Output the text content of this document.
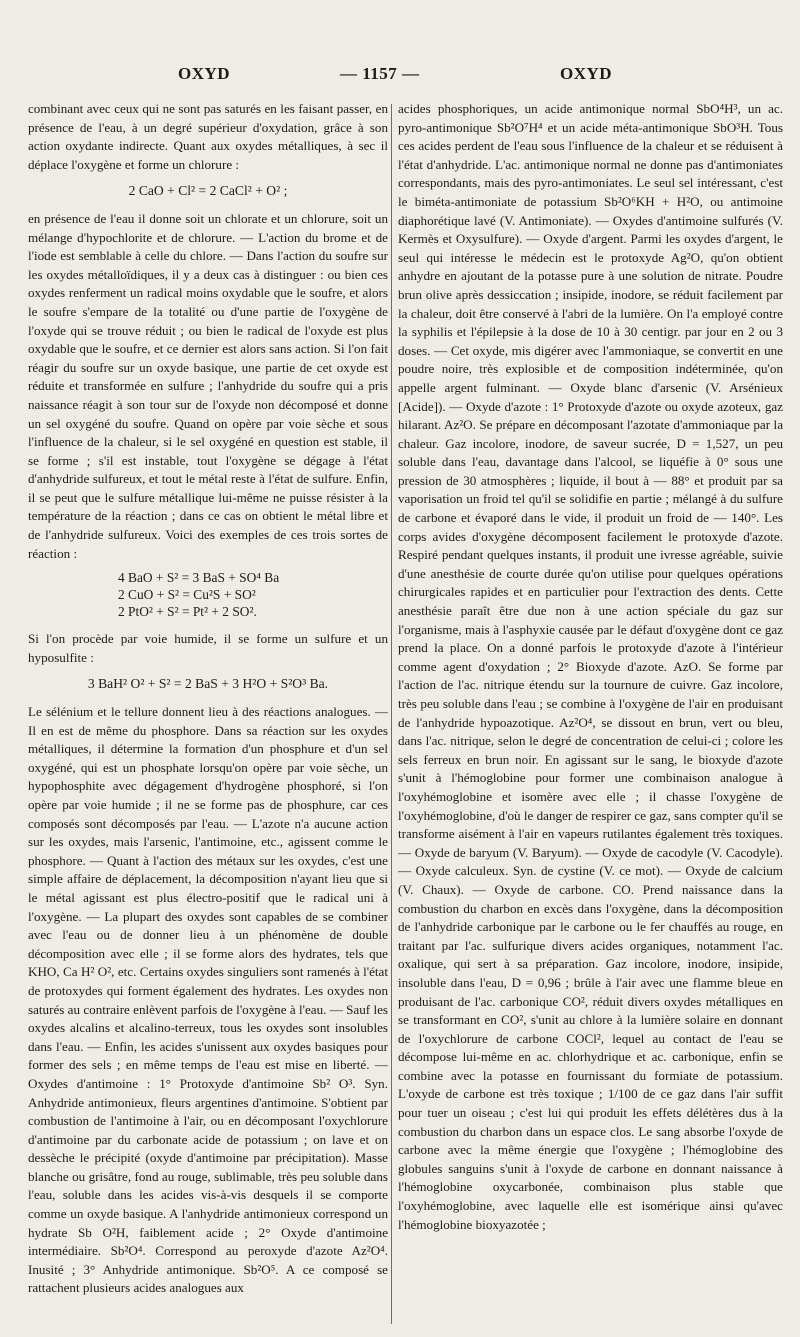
OXYD	— 1157 —	OXYD

combinant avec ceux qui ne sont pas saturés en les faisant passer, en présence de l'eau, à un degré supérieur d'oxydation, grâce à son action oxydante indirecte. Quant aux oxydes métalliques, à sec il déplace l'oxygène et forme un chlorure :

2 CaO + Cl² = 2 CaCl² + O² ;

en présence de l'eau il donne soit un chlorate et un chlorure, soit un mélange d'hypochlorite et de chlorure. — L'action du brome et de l'iode est semblable à celle du chlore. — Dans l'action du soufre sur les oxydes métalloïdiques, il y a deux cas à distinguer : ou bien ces oxydes renferment un radical moins oxydable que le soufre, et alors le soufre s'empare de la totalité ou d'une partie de l'oxygène de l'oxyde qui se trouve réduit ; ou bien le radical de l'oxyde est plus oxydable que le soufre, et ce dernier est alors sans action. Si l'on fait réagir du soufre sur un oxyde basique, une partie de cet oxyde est réduite et transformée en sulfure ; l'anhydride du soufre qui a pris naissance réagit à son tour sur de l'oxyde non décomposé et donne un sel oxygéné du soufre. Quand on opère par voie sèche et sous l'influence de la chaleur, si le sel oxygéné en question est stable, il se forme ; s'il est instable, tout l'oxygène se dégage à l'état d'anhydride sulfureux, et tout le métal reste à l'état de sulfure. Enfin, il se peut que le sulfure métallique lui-même ne puisse résister à la température de la réaction ; dans ce cas on obtient le métal libre et de l'anhydride sulfureux. Voici des exemples de ces trois sortes de réaction :

4 BaO + S² = 3 BaS + SO⁴ Ba
2 CuO + S² = Cu²S + SO²
2 PtO² + S² = Pt² + 2 SO².

Si l'on procède par voie humide, il se forme un sulfure et un hyposulfite :

3 BaH² O² + S² = 2 BaS + 3 H²O + S²O³ Ba.

Le sélénium et le tellure donnent lieu à des réactions analogues. — Il en est de même du phosphore. Dans sa réaction sur les oxydes métalliques, il détermine la formation d'un phosphure et d'un sel oxygéné, qui est un phosphate lorsqu'on opère par voie sèche, un hypophosphite avec dégagement d'hydrogène phosphoré, si l'on opère par voie humide ; il ne se forme pas de phosphure, car ces composés sont décomposés par l'eau. — L'azote n'a aucune action sur les oxydes, mais l'arsenic, l'antimoine, etc., agissent comme le phosphore. — Quant à l'action des métaux sur les oxydes, c'est une simple affaire de déplacement, la décomposition n'ayant lieu que si le métal agissant est plus électro-positif que le radical uni à l'oxygène. — La plupart des oxydes sont capables de se combiner avec l'eau ou de donner lieu à un phénomène de double décomposition avec elle ; il se forme alors des hydrates, tels que KHO, Ca H² O², etc. Certains oxydes singuliers sont ramenés à l'état de protoxydes qui forment également des hydrates. Les oxydes non saturés au contraire enlèvent parfois de l'oxygène à l'eau. — Sauf les oxydes alcalins et alcalino-terreux, tous les oxydes sont insolubles dans l'eau. — Enfin, les acides s'unissent aux oxydes basiques pour former des sels ; en même temps de l'eau est mise en liberté. — Oxydes d'antimoine : 1° Protoxyde d'antimoine Sb² O³. Syn. Anhydride antimonieux, fleurs argentines d'antimoine. S'obtient par combustion de l'antimoine à l'air, ou en décomposant l'oxychlorure d'antimoine par du carbonate acide de potassium ; on lave et on dessèche le précipité (oxyde d'antimoine par précipitation). Masse blanche ou grisâtre, fond au rouge, sublimable, très peu soluble dans l'eau, soluble dans les acides vis-à-vis desquels il se comporte comme un oxyde basique. A l'anhydride antimonieux correspond un hydrate Sb O²H, faiblement acide ; 2° Oxyde d'antimoine intermédiaire. Sb²O⁴. Correspond au peroxyde d'azote Az²O⁴. Inusité ; 3° Anhydride antimonique. Sb²O⁵. A ce composé se rattachent plusieurs acides analogues aux

acides phosphoriques, un acide antimonique normal SbO⁴H³, un ac. pyro-antimonique Sb²O⁷H⁴ et un acide méta-antimonique SbO³H. Tous ces acides perdent de l'eau sous l'influence de la chaleur et se réduisent à l'état d'anhydride. L'ac. antimonique normal ne donne pas d'antimoniates correspondants, mais des pyro-antimoniates. Le seul sel intéressant, c'est le biméta-antimoniate de potassium Sb²O⁶KH + H²O, ou antimoine diaphorétique lavé (V. Antimoniate). — Oxydes d'antimoine sulfurés (V. Kermès et Oxysulfure). — Oxyde d'argent. Parmi les oxydes d'argent, le seul qui intéresse le médecin est le protoxyde Ag²O, qu'on obtient anhydre en ajoutant de la potasse pure à une solution de nitrate. Poudre brun olive après dessiccation ; insipide, inodore, se réduit facilement par la chaleur, doit être conservé à l'abri de la lumière. On l'a employé contre la syphilis et l'épilepsie à la dose de 10 à 30 centigr. par jour en 2 ou 3 doses. — Cet oxyde, mis digérer avec l'ammoniaque, se convertit en une poudre noire, très explosible et de composition indéterminée, qu'on appelle argent fulminant. — Oxyde blanc d'arsenic (V. Arsénieux [Acide]). — Oxyde d'azote : 1° Protoxyde d'azote ou oxyde azoteux, gaz hilarant. Az²O. Se prépare en décomposant l'azotate d'ammoniaque par la chaleur. Gaz incolore, inodore, de saveur sucrée, D = 1,527, un peu soluble dans l'eau, davantage dans l'alcool, se liquéfie à 0° sous une pression de 30 atmosphères ; liquide, il bout à — 88° et produit par sa vaporisation un froid tel qu'il se solidifie en partie ; mélangé à du sulfure de carbone et évaporé dans le vide, il produit un froid de — 140°. Les corps avides d'oxygène décomposent facilement le protoxyde d'azote. Respiré pendant quelques instants, il produit une ivresse agréable, suivie d'une anesthésie de courte durée qu'on utilise pour quelques opérations chirurgicales rapides et en particulier pour l'extraction des dents. Cette anesthésie paraît être due non à une action spéciale du gaz sur l'organisme, mais à l'asphyxie causée par le défaut d'oxygène dont ce gaz prend la place. On a donné parfois le protoxyde d'azote à l'intérieur comme agent d'oxydation ; 2° Bioxyde d'azote. AzO. Se forme par l'action de l'ac. nitrique étendu sur la tournure de cuivre. Gaz incolore, très peu soluble dans l'eau ; se combine à l'oxygène de l'air en produisant de l'anhydride hypoazotique. Az²O⁴, se dissout en brun, vert ou bleu, dans l'ac. nitrique, selon le degré de concentration de celui-ci ; colore les sels ferreux en brun noir. En agissant sur le sang, le bioxyde d'azote s'unit à l'hémoglobine pour former une combinaison analogue à l'oxyhémoglobine et isomère avec elle ; il chasse l'oxygène de l'oxyhémoglobine, d'où le danger de respirer ce gaz, sans compter qu'il se transforme aisément à l'air en vapeurs rutilantes également très toxiques. — Oxyde de baryum (V. Baryum). — Oxyde de cacodyle (V. Cacodyle). — Oxyde calculeux. Syn. de cystine (V. ce mot). — Oxyde de calcium (V. Chaux). — Oxyde de carbone. CO. Prend naissance dans la combustion du charbon en excès dans l'oxygène, dans la décomposition de l'anhydride carbonique par le carbone ou le fer chauffés au rouge, en traitant par l'ac. sulfurique divers acides organiques, notamment l'ac. oxalique, qui sert à sa préparation. Gaz incolore, inodore, insipide, insoluble dans l'eau, D = 0,96 ; brûle à l'air avec une flamme bleue en produisant de l'ac. carbonique CO², réduit divers oxydes métalliques en se transformant en CO², s'unit au chlore à la lumière solaire en donnant de l'oxychlorure de carbone COCl², lequel au contact de l'eau se décompose lui-même en ac. chlorhydrique et ac. carbonique, enfin se combine avec la potasse en fournissant du formiate de potassium. L'oxyde de carbone est très toxique ; 1/100 de ce gaz dans l'air suffit pour tuer un oiseau ; c'est lui qui produit les effets délétères dus à la combustion du charbon dans un espace clos. Le sang absorbe l'oxyde de carbone avec la même énergie que l'oxygène ; l'hémoglobine des globules sanguins s'unit à l'oxyde de carbone en donnant naissance à l'hémoglobine oxycarbonée, combinaison plus stable que l'oxyhémoglobine, avec laquelle elle est isomérique ainsi qu'avec l'hémoglobine bioxyazotée ;
